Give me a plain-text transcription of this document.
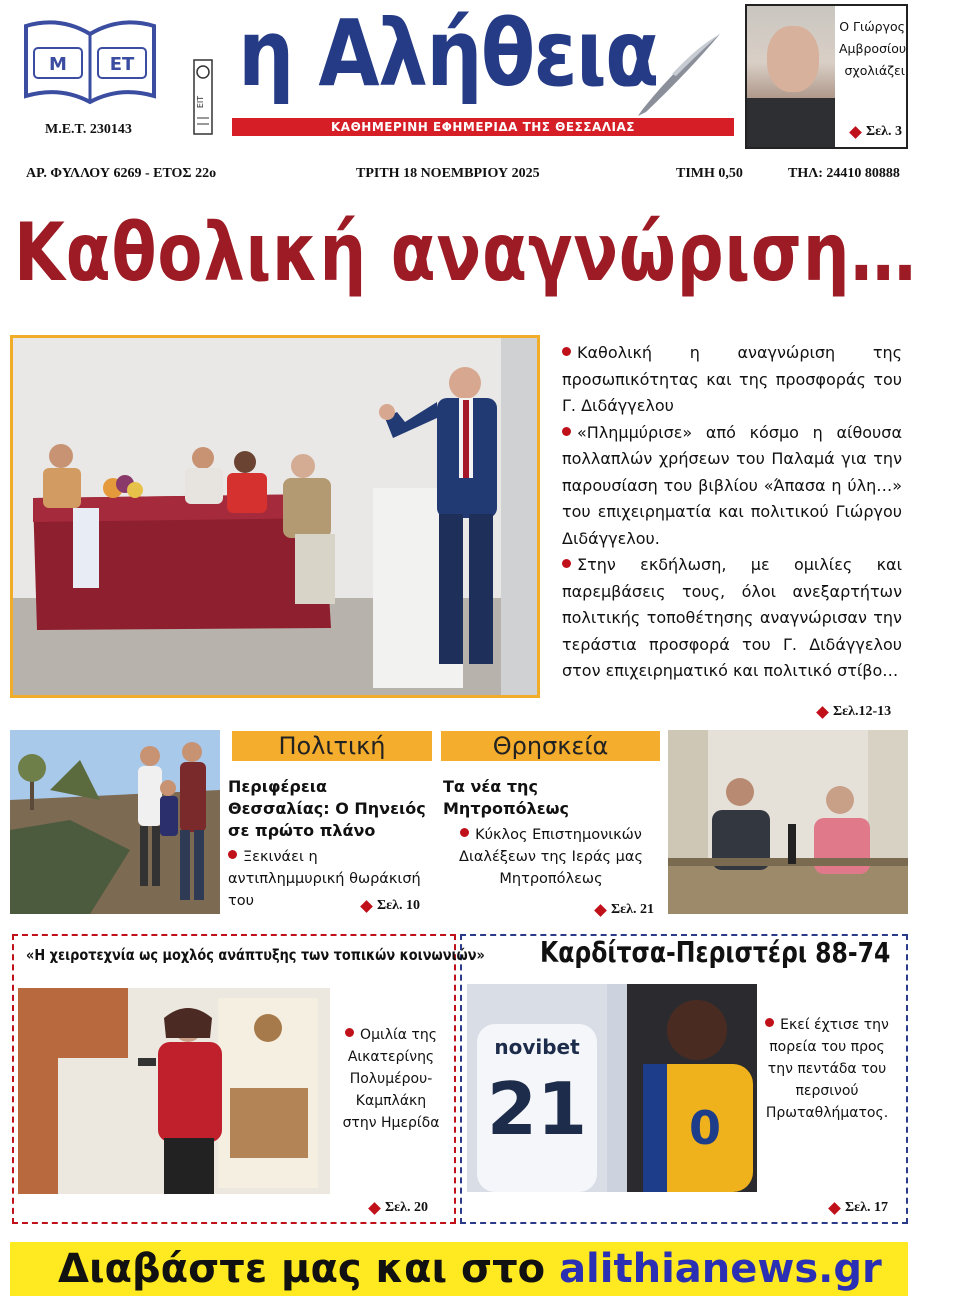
Μ ΕΤ
Μ.Ε.Τ. 230143
ΕΙΤ η Αλήθεια
ΚΑΘΗΜΕΡΙΝΗ ΕΦΗΜΕΡΙΔΑ ΤΗΣ ΘΕΣΣΑΛΙΑΣ
Ο Γιώργος
Αμβροσίου
σχολιάζει
Σελ. 3
ΑΡ. ΦΥΛΛΟΥ 6269 - ΕΤΟΣ 22ο	ΤΡΙΤΗ 18 ΝΟΕΜΒΡΙΟΥ 2025	ΤΙΜΗ 0,50	ΤΗΛ: 24410 80888
Καθολική αναγνώριση…

Καθολική η αναγνώριση της προσωπικότητας και της προσφοράς του Γ. Διδάγγελου

«Πλημμύρισε» από κόσμο η αίθουσα πολλαπλών χρήσεων του Παλαμά για την παρουσίαση του βιβλίου «Άπασα η ύλη…» του επιχειρηματία και πολιτικού Γιώργου Διδάγγελου.

Στην εκδήλωση, με ομιλίες και παρεμβάσεις τους, όλοι ανεξαρτήτων πολιτικής τοποθέτησης αναγνώρισαν την τεράστια προσφορά του Γ. Διδάγγελου στον επιχειρηματικό και πολιτικό στίβο…

Σελ.12-13
Πολιτική
Περιφέρεια Θεσσαλίας: Ο Πηνειός σε πρώτο πλάνο
Ξεκινάει η αντιπλημμυρική θωράκισή του	Σελ. 10
Θρησκεία
Τα νέα της Μητροπόλεως
Κύκλος Επιστημονικών Διαλέξεων της Ιεράς μας Μητροπόλεως
Σελ. 21
«Η χειροτεχνία ως μοχλός ανάπτυξης των τοπικών κοινωνιών»
Ομιλία της Αικατερίνης Πολυμέρου-Καμπλάκη στην Ημερίδα
Σελ. 20
Καρδίτσα-Περιστέρι 88-74
novibet
21 0
Εκεί έχτισε την πορεία του προς την πεντάδα του περσινού Πρωταθλήματος.
Σελ. 17
Διαβάστε μας και στο alithianews.gr
